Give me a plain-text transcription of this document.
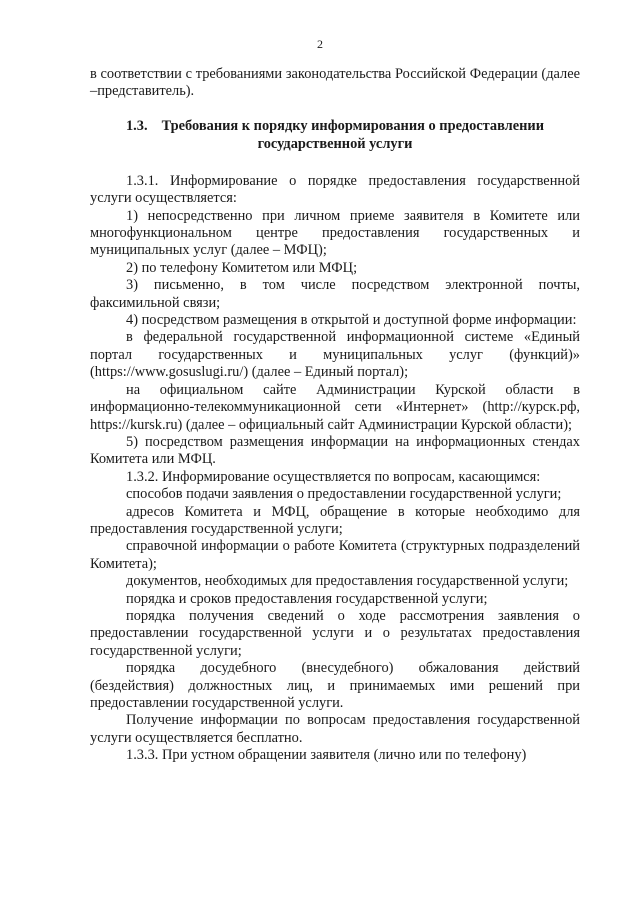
2

в соответствии с требованиями законодательства Российской Федерации (далее –представитель).

1.3. Требования к порядку информирования о предоставлении государственной услуги

1.3.1. Информирование о порядке предоставления государственной услуги осуществляется:

1) непосредственно при личном приеме заявителя в Комитете или многофункциональном центре предоставления государственных и муниципальных услуг (далее – МФЦ);

2) по телефону Комитетом или МФЦ;

3) письменно, в том числе посредством электронной почты, факсимильной связи;

4) посредством размещения в открытой и доступной форме информации:

в федеральной государственной информационной системе «Единый портал государственных и муниципальных услуг (функций)» (https://www.gosuslugi.ru/) (далее – Единый портал);

на официальном сайте Администрации Курской области в информационно-телекоммуникационной сети «Интернет» (http://курск.рф, https://kursk.ru) (далее – официальный сайт Администрации Курской области);

5) посредством размещения информации на информационных стендах Комитета или МФЦ.

1.3.2. Информирование осуществляется по вопросам, касающимся:

способов подачи заявления о предоставлении государственной услуги;

адресов Комитета и МФЦ, обращение в которые необходимо для предоставления государственной услуги;

справочной информации о работе Комитета (структурных подразделений Комитета);

документов, необходимых для предоставления государственной услуги;

порядка и сроков предоставления государственной услуги;

порядка получения сведений о ходе рассмотрения заявления о предоставлении государственной услуги и о результатах предоставления государственной услуги;

порядка досудебного (внесудебного) обжалования действий (бездействия) должностных лиц, и принимаемых ими решений при предоставлении государственной услуги.

Получение информации по вопросам предоставления государственной услуги осуществляется бесплатно.

1.3.3. При устном обращении заявителя (лично или по телефону)
